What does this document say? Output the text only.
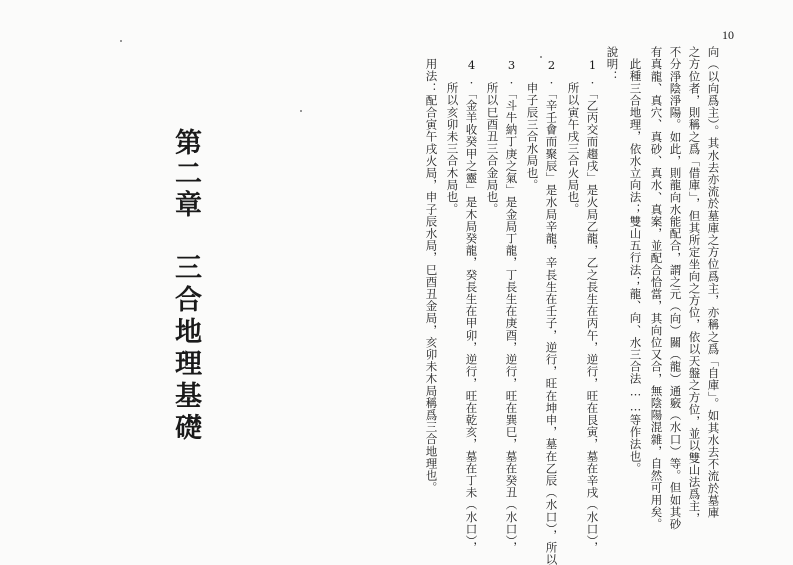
第二章
三合地理基礎
10
向（以向爲主）。其水去亦流於墓庫之方位爲主，亦稱之爲「自庫」。如其水去不流於墓庫
之方位者，則稱之爲「借庫」，但其所定坐向之方位，依以天盤之方位，並以雙山法爲主，
不分淨陰淨陽。如此，則龍向水能配合，謂之元（向）關（龍）通竅（水口）等。但如其砂
有真龍、真穴、真砂、真水、真案，並配合恰當，其向位又合，無陰陽混雜，自然可用矣。
此種三合地理，依水立向法；雙山五行法；龍、向、水三合法……等作法也。
說明：
1.「乙丙交而趨戌」是火局乙龍，乙之長生在丙午，逆行，旺在艮寅，墓在辛戌（水口），
所以寅午戌三合火局也。
2.「辛壬會而聚辰」是水局辛龍，辛長生在壬子，逆行，旺在坤申，墓在乙辰（水口），所以
申子辰三合水局也。
3.「斗牛納丁庚之氣」是金局丁龍，丁長生在庚酉，逆行，旺在巽巳，墓在癸丑（水口），
所以巳酉丑三合金局也。
4.「金羊收癸甲之靈」是木局癸龍，癸長生在甲卯，逆行，旺在乾亥，墓在丁未（水口），
所以亥卯未三合木局也。
用法：配合寅午戌火局，申子辰水局，巳酉丑金局，亥卯未木局稱爲三合地理也。
